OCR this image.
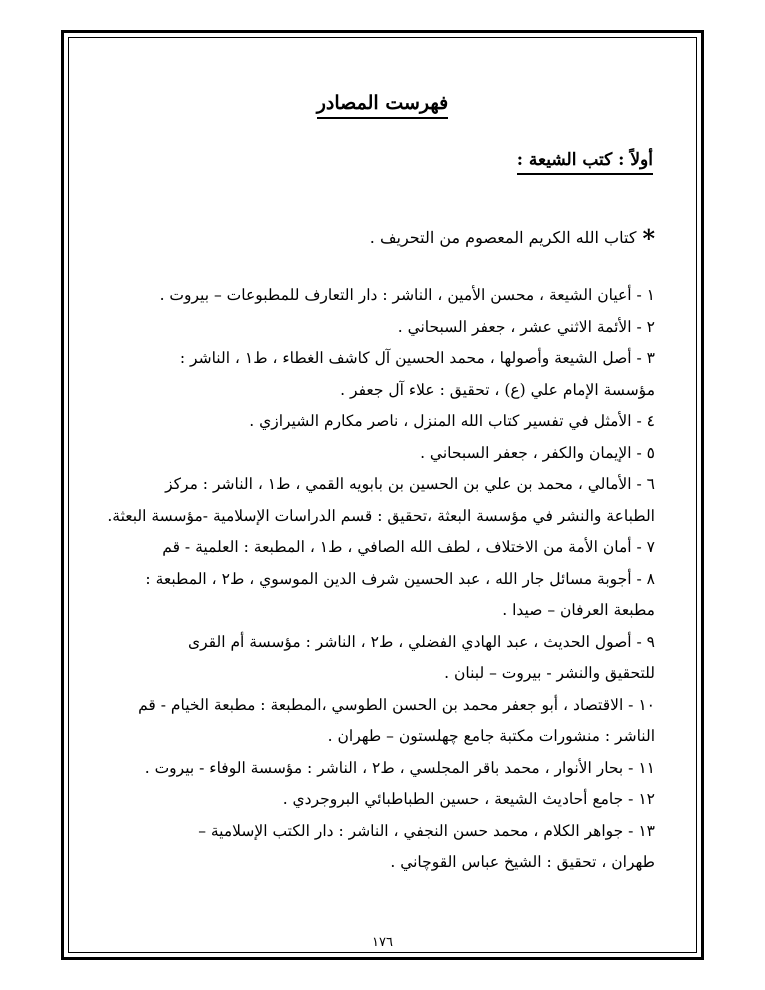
فهرست المصادر
أولاً : كتب الشيعة :
*كتاب الله الكريم المعصوم من التحريف .
١ - أعيان الشيعة ، محسن الأمين ، الناشر : دار التعارف للمطبوعات – بيروت .
٢ - الأئمة الاثني عشر ، جعفر السبحاني .
٣ - أصل الشيعة وأصولها ، محمد الحسين آل كاشف الغطاء ، ط١ ، الناشر :
مؤسسة الإمام علي (ع) ، تحقيق : علاء آل جعفر .
٤ - الأمثل في تفسير كتاب الله المنزل ، ناصر مكارم الشيرازي .
٥ - الإيمان والكفر ، جعفر السبحاني .
٦ - الأمالي ، محمد بن علي بن الحسين بن بابويه القمي ، ط١ ، الناشر : مركز
الطباعة والنشر في مؤسسة البعثة ،تحقيق : قسم الدراسات الإسلامية -مؤسسة البعثة.
٧ - أمان الأمة من الاختلاف ، لطف الله الصافي ، ط١ ، المطبعة : العلمية - قم
٨ - أجوبة مسائل جار الله ، عبد الحسين شرف الدين الموسوي ، ط٢ ، المطبعة :
مطبعة العرفان – صيدا .
٩ - أصول الحديث ، عبد الهادي الفضلي ، ط٢ ، الناشر : مؤسسة أم القرى
للتحقيق والنشر - بيروت – لبنان .
١٠ - الاقتصاد ، أبو جعفر محمد بن الحسن الطوسي ،المطبعة : مطبعة الخيام - قم
الناشر : منشورات مكتبة جامع چهلستون – طهران .
١١ - بحار الأنوار ، محمد باقر المجلسي ، ط٢ ، الناشر : مؤسسة الوفاء - بيروت .
١٢ - جامع أحاديث الشيعة ، حسين الطباطبائي البروجردي .
١٣ - جواهر الكلام ، محمد حسن النجفي ، الناشر : دار الكتب الإسلامية –
طهران ، تحقيق : الشيخ عباس القوچاني .
١٧٦
